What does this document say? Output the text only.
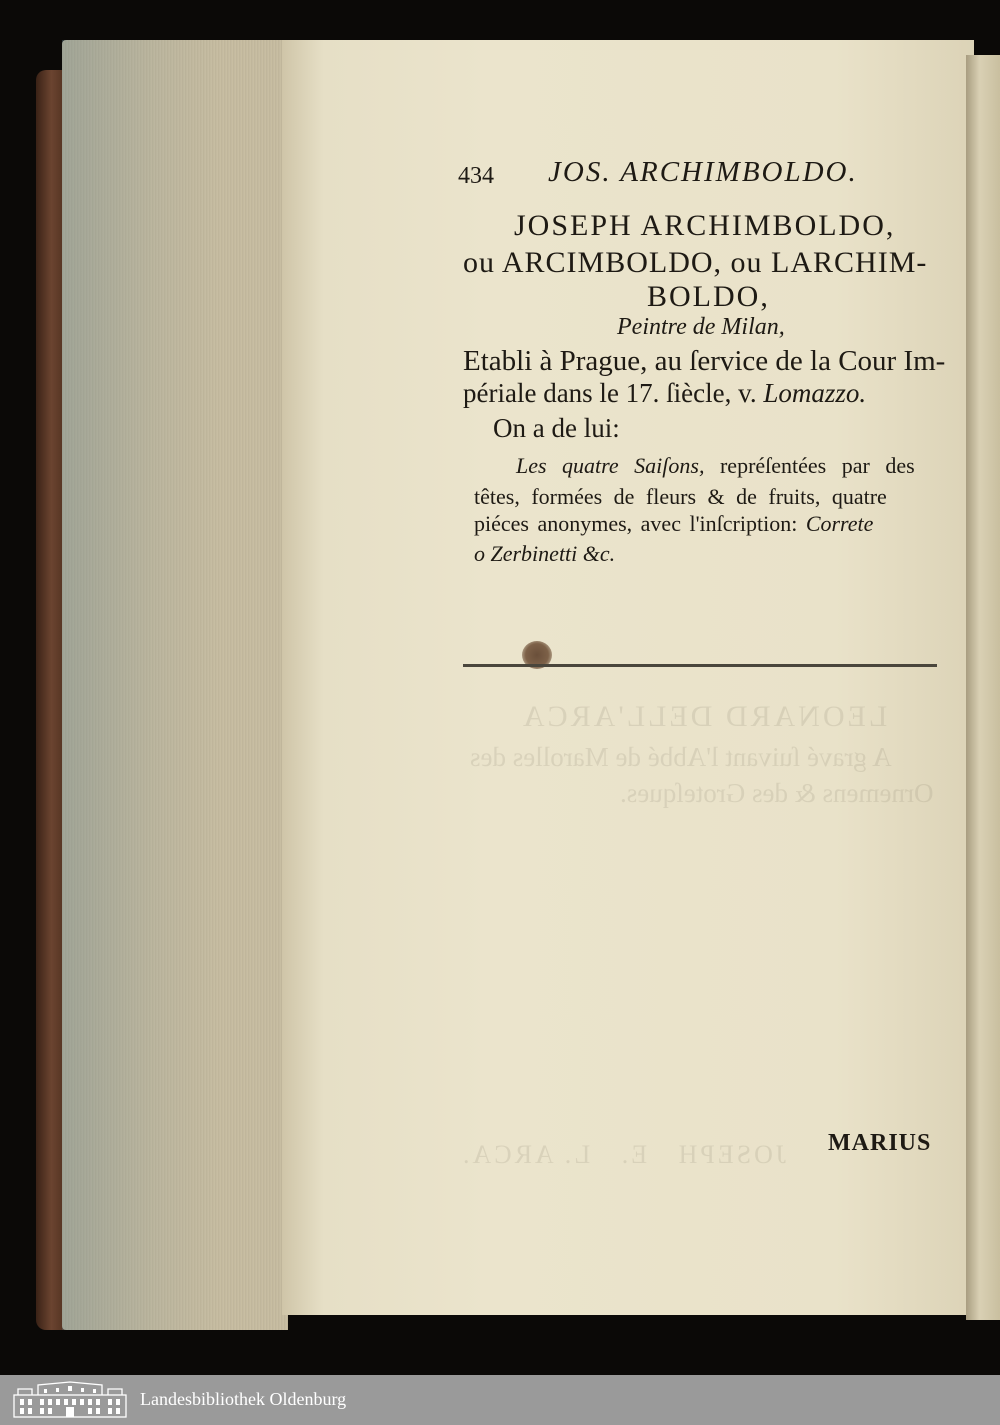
LEONARD DELL'ARCA
A gravé ſuivant l'Abbé de Marolles des
Ornemens & des Groteſques.
JOSEPH   E.   L. ARCA.
434 JOS. ARCHIMBOLDO.
JOSEPH ARCHIMBOLDO,
ou ARCIMBOLDO, ou LARCHIM-
BOLDO,
Peintre de Milan,
Etabli à Prague, au ſervice de la Cour Im-
périale dans le 17. ſiècle, v. Lomazzo.
On a de lui:
Les quatre Saiſons, repréſentées par des
têtes, formées de fleurs & de fruits, quatre
piéces anonymes, avec l'inſcription: Correte
o Zerbinetti &c.
MARIUS
Landesbibliothek Oldenburg
